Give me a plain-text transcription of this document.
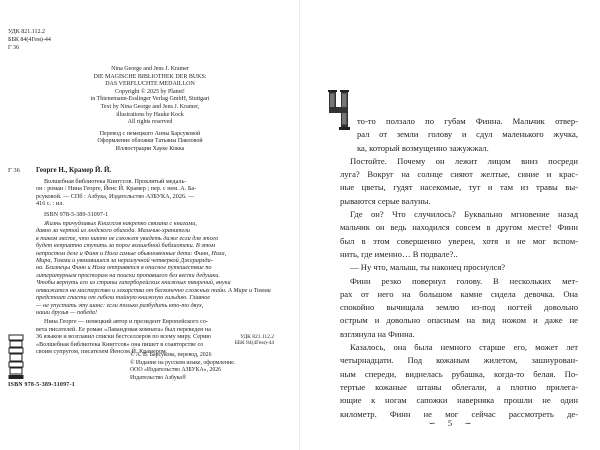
УДК 821.112.2
ББК 84(4Гем)-44
Г 36
Nina George and Jens J. Kramer
DIE MAGISCHE BIBLIOTHEK DER BUKS:
DAS VERFLUCHTE MEDAILLON
Copyright © 2025 by Planet!
in Thienemann-Esslinger Verlag GmbH, Stuttgart
Text by Nina George and Jens J. Kramer,
illustrations by Hauke Kock
All rights reserved
Перевод с немецкого Анны Барсуковой
Оформление обложки Татьяны Павловой
Иллюстрации Хауке Кокка
Г 36 Георге Н., Крамер Й. Й.

Волшебная библиотека Книггсов. Проклятый медаль-

он : роман / Нина Георге, Йенс Й. Крамер ; пер. с нем. А. Ба-

рсуковой. — СПб : Азбука, Издательство АЗБУКА, 2026. —

416 с. : ил.

ISBN 978-5-389-31097-1

Жизнь причудливых Книггсов накрепко связана с книгами,

давно за чертой из людского обихода. Мальчик-хранители

в таком месте, что никто не сможет увидеть даже если для этого

будет неприятно ступить за порог волшебной библиотеки. В этом

непростом деле и Финн и Нола самые обыкновенные дети: Финн, Нола,

Мира, Томми и увязавшиеся за неразлучной четверкой Джерарлди-

на. Близнецы Финн и Нола отправятся в опасное путешествие по

литературным просторам на поиски пропавшего без вести дедушки.

Чтобы вернуть его из страны гиперборейских книжных творений, внуки

отважатся на мастерство и лекарства от бесконечно сложных тайн. А Мире и Томми

предстоит спасти от гибели тайную книжную гильдию. Главное

— не упустить эту шанс: если только разбудить кто-то двух,

наши друзья — победа!

Нина Георге — немецкий автор и президент Европейского со-

вета писателей. Ее роман «Лавандовая комната» был переведен на

36 языков и возглавил списки бестселлеров по всему миру. Серию

«Волшебная библиотека Книггсов» она пишет в соавторстве со

своим супругом, писателем Йенсом Й. Крамером.

УДК 821.112.2
ББК 84(4Гем)-44
ISBN 978-5-389-31097-1
© А. В. Барсукова, перевод, 2026
© Издание на русском языке, оформление.
ООО «Издательство АЗБУКА», 2026
Издательство Азбука®
то-то ползало по губам Финна. Мальчик отвер-
рал от земли голову и сдул маленького жучка,
ка, который возмущенно зажужжал.
Постойте. Почему он лежит лицом вниз посреди
луга? Вокруг на солнце сияют желтые, синие и крас-
ные цветы, гудят насекомые, тут и там из травы вы-
рываются серые валуны.
Где он? Что случилось? Буквально мгновение назад
мальчик он ведь находился совсем в другом месте! Финн
был в этом совершенно уверен, хотя и не мог вспом-
нить, где именно… В подвале?..
— Ну что, малыш, ты наконец проснулся?
Финн резко повернул голову. В нескольких мет-
рах от него на большом камне сидела девочка. Она
спокойно вычищала землю из-под ногтей довольно
острым и довольно опасным на вид ножом и даже не
взглянула на Финна.
Казалось, она была немного старше его, может лет
четырнадцати. Под кожаным жилетом, зашнурован-
ным спереди, виднелась рубашка, когда-то белая. По-
тертые кожаные штаны облегали, а плотно прилега-
ющие к ногам сапожки наверняка прошли не один
километр. Финн не мог сейчас рассмотреть де-
∽ 5 ∼
